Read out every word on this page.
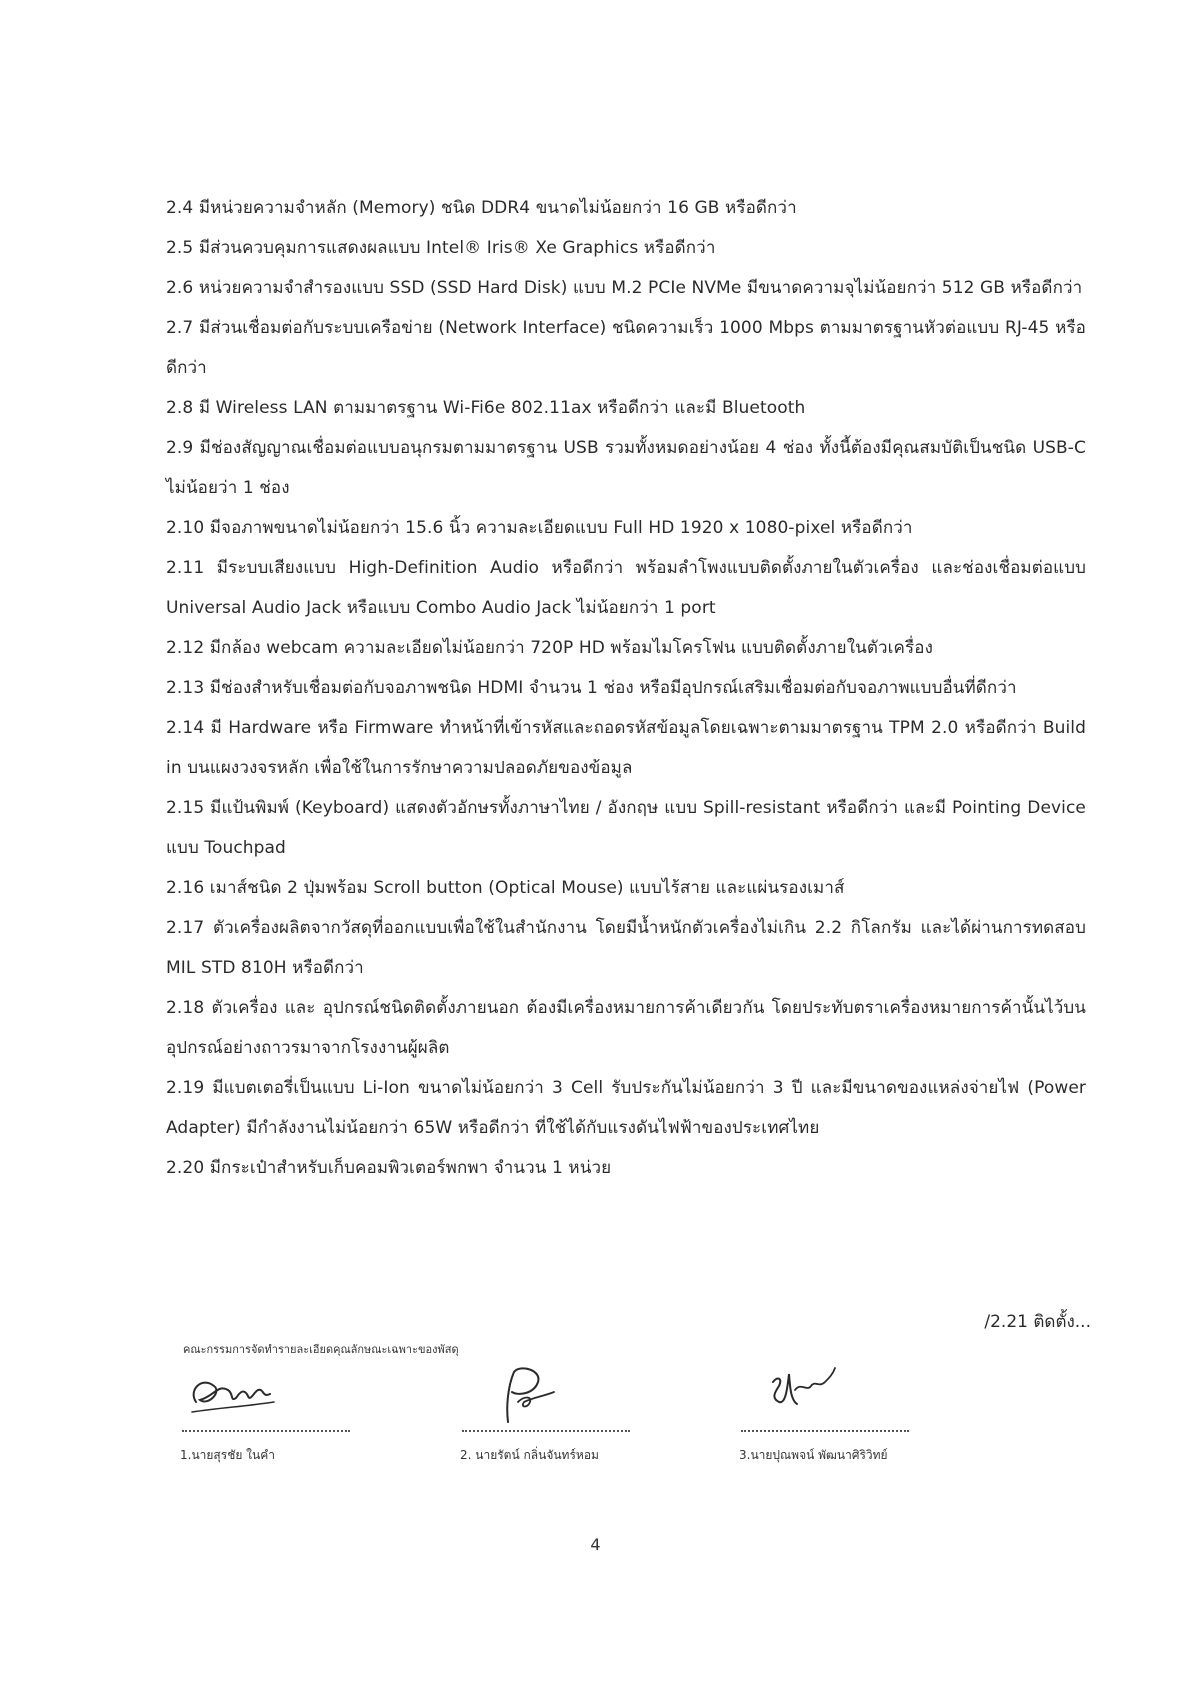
2.4 มีหน่วยความจำหลัก (Memory) ชนิด DDR4 ขนาดไม่น้อยกว่า 16 GB หรือดีกว่า
2.5 มีส่วนควบคุมการแสดงผลแบบ Intel® Iris® Xe Graphics หรือดีกว่า
2.6 หน่วยความจำสำรองแบบ SSD (SSD Hard Disk) แบบ M.2 PCIe NVMe มีขนาดความจุไม่น้อยกว่า 512 GB หรือดีกว่า
2.7 มีส่วนเชื่อมต่อกับระบบเครือข่าย (Network Interface) ชนิดความเร็ว 1000 Mbps ตามมาตรฐานหัวต่อแบบ RJ-45 หรือดีกว่า
2.8 มี Wireless LAN ตามมาตรฐาน Wi-Fi6e 802.11ax หรือดีกว่า และมี Bluetooth
2.9 มีช่องสัญญาณเชื่อมต่อแบบอนุกรมตามมาตรฐาน USB รวมทั้งหมดอย่างน้อย 4 ช่อง ทั้งนี้ต้องมีคุณสมบัติเป็นชนิด USB-C ไม่น้อยว่า 1 ช่อง
2.10 มีจอภาพขนาดไม่น้อยกว่า 15.6 นิ้ว ความละเอียดแบบ Full HD 1920 x 1080-pixel หรือดีกว่า
2.11 มีระบบเสียงแบบ High-Definition Audio หรือดีกว่า พร้อมลำโพงแบบติดตั้งภายในตัวเครื่อง และช่องเชื่อมต่อแบบ Universal Audio Jack หรือแบบ Combo Audio Jack ไม่น้อยกว่า 1 port
2.12 มีกล้อง webcam ความละเอียดไม่น้อยกว่า 720P HD พร้อมไมโครโฟน แบบติดตั้งภายในตัวเครื่อง
2.13 มีช่องสำหรับเชื่อมต่อกับจอภาพชนิด HDMI จำนวน 1 ช่อง หรือมีอุปกรณ์เสริมเชื่อมต่อกับจอภาพแบบอื่นที่ดีกว่า
2.14 มี Hardware หรือ Firmware ทำหน้าที่เข้ารหัสและถอดรหัสข้อมูลโดยเฉพาะตามมาตรฐาน TPM 2.0 หรือดีกว่า Build in บนแผงวงจรหลัก เพื่อใช้ในการรักษาความปลอดภัยของข้อมูล
2.15 มีแป้นพิมพ์ (Keyboard) แสดงตัวอักษรทั้งภาษาไทย / อังกฤษ แบบ Spill-resistant หรือดีกว่า และมี Pointing Device แบบ Touchpad
2.16 เมาส์ชนิด 2 ปุ่มพร้อม Scroll button (Optical Mouse) แบบไร้สาย และแผ่นรองเมาส์
2.17 ตัวเครื่องผลิตจากวัสดุที่ออกแบบเพื่อใช้ในสำนักงาน โดยมีน้ำหนักตัวเครื่องไม่เกิน 2.2 กิโลกรัม และได้ผ่านการทดสอบ MIL STD 810H หรือดีกว่า
2.18 ตัวเครื่อง และ อุปกรณ์ชนิดติดตั้งภายนอก ต้องมีเครื่องหมายการค้าเดียวกัน โดยประทับตราเครื่องหมายการค้านั้นไว้บนอุปกรณ์อย่างถาวรมาจากโรงงานผู้ผลิต
2.19 มีแบตเตอรี่เป็นแบบ Li-Ion ขนาดไม่น้อยกว่า 3 Cell รับประกันไม่น้อยกว่า 3 ปี และมีขนาดของแหล่งจ่ายไฟ (Power Adapter) มีกำลังงานไม่น้อยกว่า 65W หรือดีกว่า ที่ใช้ได้กับแรงดันไฟฟ้าของประเทศไทย
2.20 มีกระเป๋าสำหรับเก็บคอมพิวเตอร์พกพา จำนวน 1 หน่วย
/2.21 ติดตั้ง...
คณะกรรมการจัดทำรายละเอียดคุณลักษณะเฉพาะของพัสดุ
1.นายสุรชัย ในคำ	2. นายรัตน์ กลิ่นจันทร์หอม	3.นายปุณพจน์ พัฒนาศิริวิทย์
4
